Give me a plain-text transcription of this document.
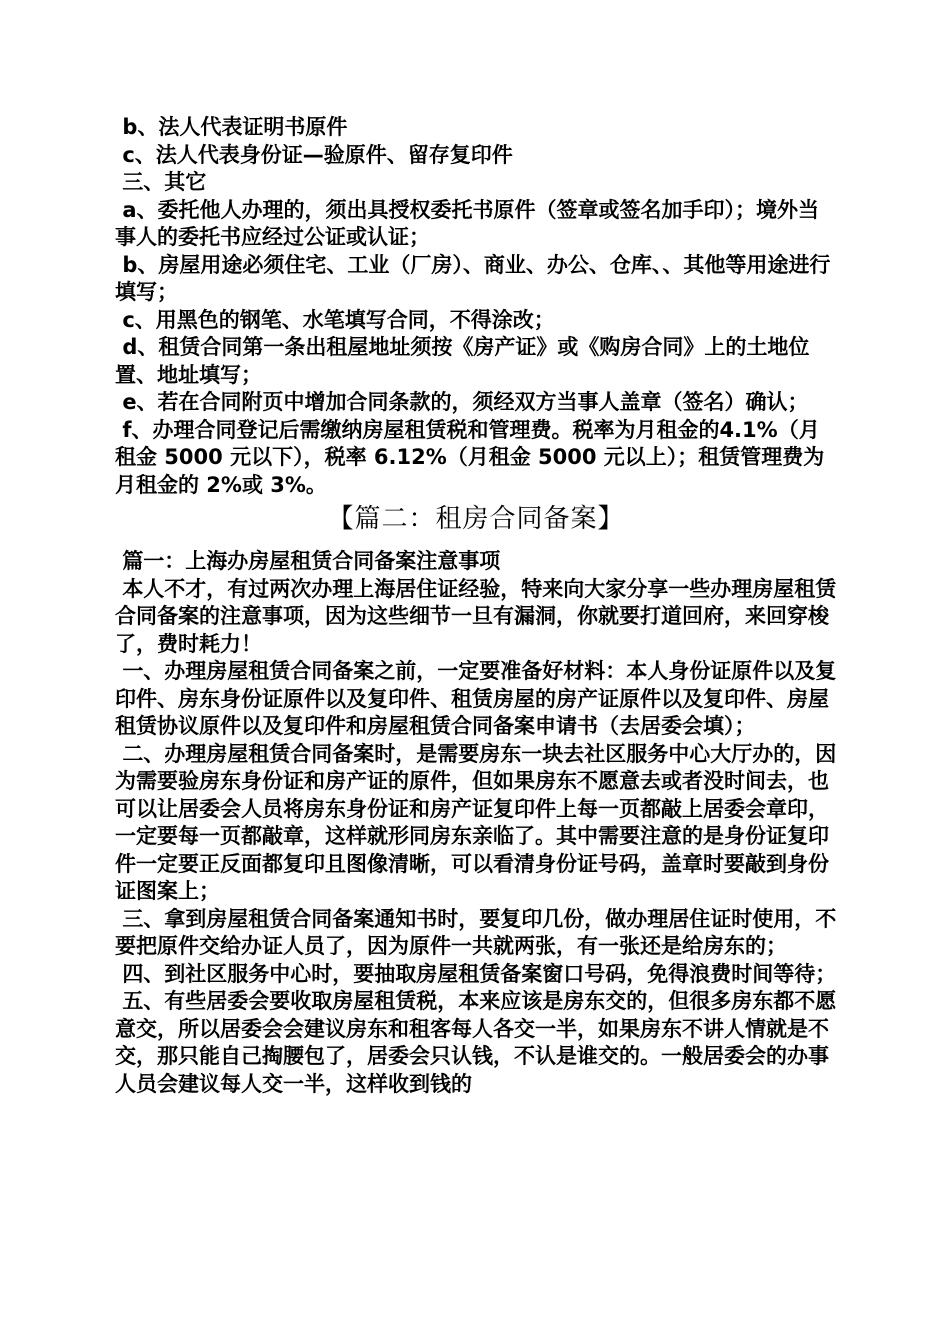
b、法人代表证明书原件

c、法人代表身份证—验原件、留存复印件

三、其它

a、委托他人办理的，须出具授权委托书原件（签章或签名加手印）；境外当事人的委托书应经过公证或认证；

b、房屋用途必须住宅、工业（厂房）、商业、办公、仓库、、其他等用途进行填写；

c、用黑色的钢笔、水笔填写合同，不得涂改；

d、租赁合同第一条出租屋地址须按《房产证》或《购房合同》上的土地位置、地址填写；

e、若在合同附页中增加合同条款的，须经双方当事人盖章（签名）确认；

f、办理合同登记后需缴纳房屋租赁税和管理费。税率为月租金的4.1%（月租金 5000 元以下），税率 6.12%（月租金 5000 元以上）；租赁管理费为月租金的 2%或 3%。

【篇二：租房合同备案】

篇一：上海办房屋租赁合同备案注意事项

本人不才，有过两次办理上海居住证经验，特来向大家分享一些办理房屋租赁合同备案的注意事项，因为这些细节一旦有漏洞，你就要打道回府，来回穿梭了，费时耗力！

一、办理房屋租赁合同备案之前，一定要准备好材料：本人身份证原件以及复印件、房东身份证原件以及复印件、租赁房屋的房产证原件以及复印件、房屋租赁协议原件以及复印件和房屋租赁合同备案申请书（去居委会填）；

二、办理房屋租赁合同备案时，是需要房东一块去社区服务中心大厅办的，因为需要验房东身份证和房产证的原件，但如果房东不愿意去或者没时间去，也可以让居委会人员将房东身份证和房产证复印件上每一页都敲上居委会章印，一定要每一页都敲章，这样就形同房东亲临了。其中需要注意的是身份证复印件一定要正反面都复印且图像清晰，可以看清身份证号码，盖章时要敲到身份证图案上；

三、拿到房屋租赁合同备案通知书时，要复印几份，做办理居住证时使用，不要把原件交给办证人员了，因为原件一共就两张，有一张还是给房东的；

四、到社区服务中心时，要抽取房屋租赁备案窗口号码，免得浪费时间等待；

五、有些居委会要收取房屋租赁税，本来应该是房东交的，但很多房东都不愿意交，所以居委会会建议房东和租客每人各交一半，如果房东不讲人情就是不交，那只能自己掏腰包了，居委会只认钱，不认是谁交的。一般居委会的办事人员会建议每人交一半，这样收到钱的
